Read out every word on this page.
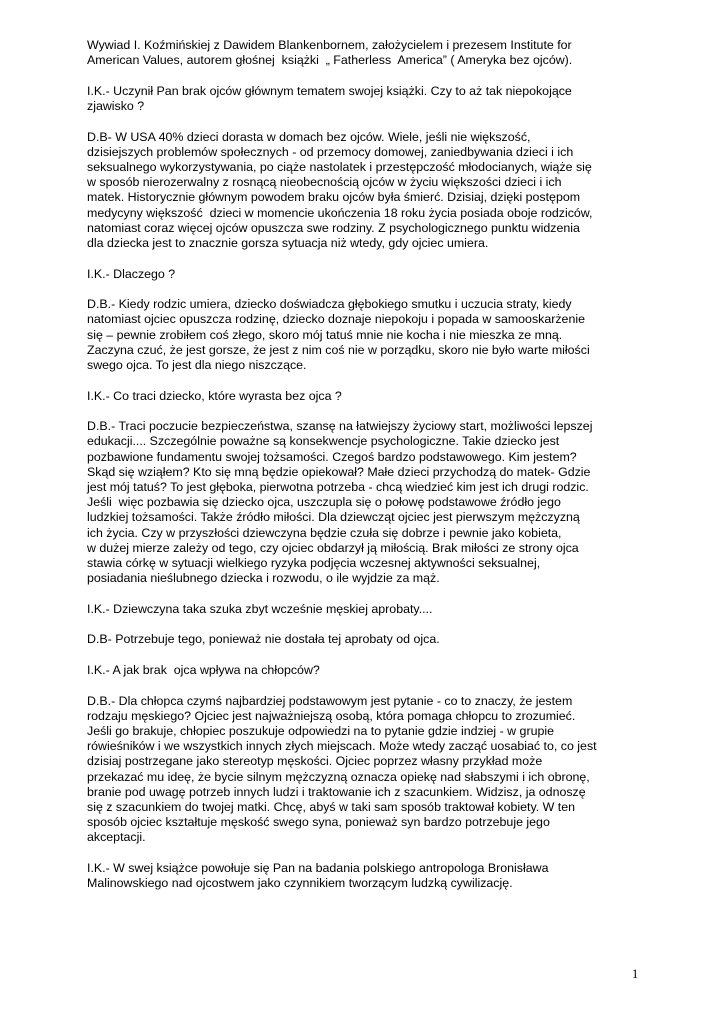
Wywiad I. Koźmińskiej z Dawidem Blankenbornem, założycielem i prezesem Institute for
American Values, autorem głośnej  książki  „ Fatherless  America” ( Ameryka bez ojców).
I.K.- Uczynił Pan brak ojców głównym tematem swojej książki. Czy to aż tak niepokojące
zjawisko ?
D.B- W USA 40% dzieci dorasta w domach bez ojców. Wiele, jeśli nie większość,
dzisiejszych problemów społecznych - od przemocy domowej, zaniedbywania dzieci i ich
seksualnego wykorzystywania, po ciąże nastolatek i przestępczość młodocianych, wiąże się
w sposób nierozerwalny z rosnącą nieobecnością ojców w życiu większości dzieci i ich
matek. Historycznie głównym powodem braku ojców była śmierć. Dzisiaj, dzięki postępom
medycyny większość  dzieci w momencie ukończenia 18 roku życia posiada oboje rodziców,
natomiast coraz więcej ojców opuszcza swe rodziny. Z psychologicznego punktu widzenia
dla dziecka jest to znacznie gorsza sytuacja niż wtedy, gdy ojciec umiera.
I.K.- Dlaczego ?
D.B.- Kiedy rodzic umiera, dziecko doświadcza głębokiego smutku i uczucia straty, kiedy
natomiast ojciec opuszcza rodzinę, dziecko doznaje niepokoju i popada w samooskarżenie
się – pewnie zrobiłem coś złego, skoro mój tatuś mnie nie kocha i nie mieszka ze mną.
Zaczyna czuć, że jest gorsze, że jest z nim coś nie w porządku, skoro nie było warte miłości
swego ojca. To jest dla niego niszczące.
I.K.- Co traci dziecko, które wyrasta bez ojca ?
D.B.- Traci poczucie bezpieczeństwa, szansę na łatwiejszy życiowy start, możliwości lepszej
edukacji.... Szczególnie poważne są konsekwencje psychologiczne. Takie dziecko jest
pozbawione fundamentu swojej tożsamości. Czegoś bardzo podstawowego. Kim jestem?
Skąd się wziąłem? Kto się mną będzie opiekował? Małe dzieci przychodzą do matek- Gdzie
jest mój tatuś? To jest głęboka, pierwotna potrzeba - chcą wiedzieć kim jest ich drugi rodzic.
Jeśli  więc pozbawia się dziecko ojca, uszczupla się o połowę podstawowe źródło jego
ludzkiej tożsamości. Także źródło miłości. Dla dziewcząt ojciec jest pierwszym mężczyzną
ich życia. Czy w przyszłości dziewczyna będzie czuła się dobrze i pewnie jako kobieta,
w dużej mierze zależy od tego, czy ojciec obdarzył ją miłością. Brak miłości ze strony ojca
stawia córkę w sytuacji wielkiego ryzyka podjęcia wczesnej aktywności seksualnej,
posiadania nieślubnego dziecka i rozwodu, o ile wyjdzie za mąż.
I.K.- Dziewczyna taka szuka zbyt wcześnie męskiej aprobaty....
D.B- Potrzebuje tego, ponieważ nie dostała tej aprobaty od ojca.
I.K.- A jak brak  ojca wpływa na chłopców?
D.B.- Dla chłopca czymś najbardziej podstawowym jest pytanie - co to znaczy, że jestem
rodzaju męskiego? Ojciec jest najważniejszą osobą, która pomaga chłopcu to zrozumieć.
Jeśli go brakuje, chłopiec poszukuje odpowiedzi na to pytanie gdzie indziej - w grupie
rówieśników i we wszystkich innych złych miejscach. Może wtedy zacząć uosabiać to, co jest
dzisiaj postrzegane jako stereotyp męskości. Ojciec poprzez własny przykład może
przekazać mu ideę, że bycie silnym mężczyzną oznacza opiekę nad słabszymi i ich obronę,
branie pod uwagę potrzeb innych ludzi i traktowanie ich z szacunkiem. Widzisz, ja odnoszę
się z szacunkiem do twojej matki. Chcę, abyś w taki sam sposób traktował kobiety. W ten
sposób ojciec kształtuje męskość swego syna, ponieważ syn bardzo potrzebuje jego
akceptacji.
I.K.- W swej książce powołuje się Pan na badania polskiego antropologa Bronisława
Malinowskiego nad ojcostwem jako czynnikiem tworzącym ludzką cywilizację.
1
